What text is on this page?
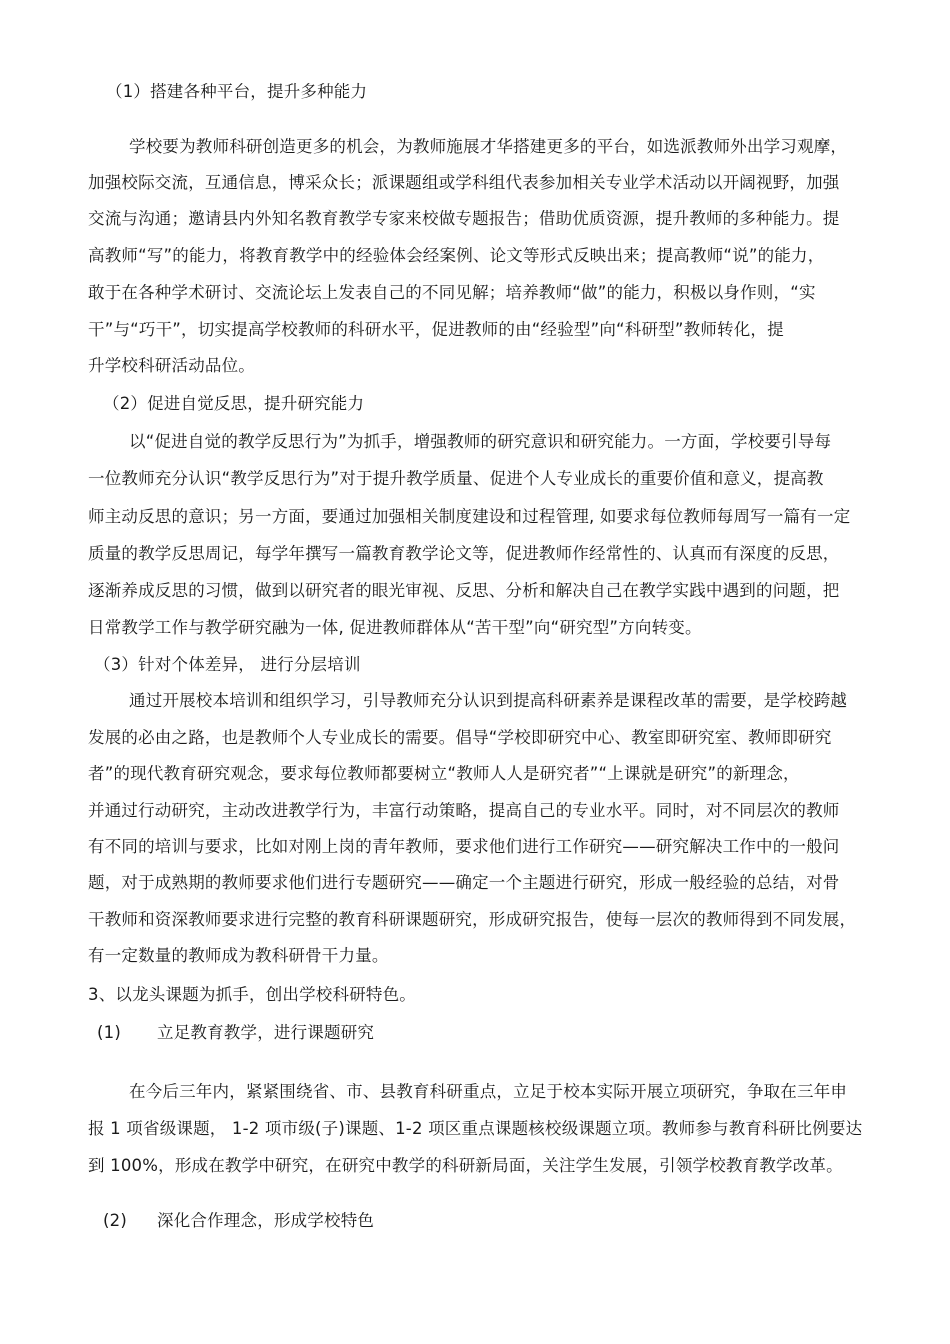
（1）搭建各种平台，提升多种能力
学校要为教师科研创造更多的机会，为教师施展才华搭建更多的平台，如选派教师外出学习观摩，
加强校际交流，互通信息，博采众长；派课题组或学科组代表参加相关专业学术活动以开阔视野，加强
交流与沟通；邀请县内外知名教育教学专家来校做专题报告；借助优质资源，提升教师的多种能力。提
高教师“写”的能力，将教育教学中的经验体会经案例、论文等形式反映出来；提高教师“说”的能力，
敢于在各种学术研讨、交流论坛上发表自己的不同见解；培养教师“做”的能力，积极以身作则，“实
干”与“巧干”，切实提高学校教师的科研水平，促进教师的由“经验型”向“科研型”教师转化，提
升学校科研活动品位。
（2）促进自觉反思，提升研究能力
以“促进自觉的教学反思行为”为抓手，增强教师的研究意识和研究能力。一方面，学校要引导每
一位教师充分认识“教学反思行为”对于提升教学质量、促进个人专业成长的重要价值和意义，提高教
师主动反思的意识；另一方面，要通过加强相关制度建设和过程管理, 如要求每位教师每周写一篇有一定
质量的教学反思周记，每学年撰写一篇教育教学论文等，促进教师作经常性的、认真而有深度的反思，
逐渐养成反思的习惯，做到以研究者的眼光审视、反思、分析和解决自己在教学实践中遇到的问题，把
日常教学工作与教学研究融为一体, 促进教师群体从“苦干型”向“研究型”方向转变。
（3）针对个体差异， 进行分层培训
通过开展校本培训和组织学习，引导教师充分认识到提高科研素养是课程改革的需要，是学校跨越
发展的必由之路，也是教师个人专业成长的需要。倡导“学校即研究中心、教室即研究室、教师即研究
者”的现代教育研究观念，要求每位教师都要树立“教师人人是研究者”“上课就是研究”的新理念，
并通过行动研究，主动改进教学行为，丰富行动策略，提高自己的专业水平。同时，对不同层次的教师
有不同的培训与要求，比如对刚上岗的青年教师，要求他们进行工作研究——研究解决工作中的一般问
题，对于成熟期的教师要求他们进行专题研究——确定一个主题进行研究，形成一般经验的总结，对骨
干教师和资深教师要求进行完整的教育科研课题研究，形成研究报告，使每一层次的教师得到不同发展，
有一定数量的教师成为教科研骨干力量。
3、以龙头课题为抓手，创出学校科研特色。
(1) 立足教育教学，进行课题研究
在今后三年内，紧紧围绕省、市、县教育科研重点，立足于校本实际开展立项研究，争取在三年申
报 1 项省级课题， 1-2 项市级(子)课题、1-2 项区重点课题核校级课题立项。教师参与教育科研比例要达
到 100%，形成在教学中研究，在研究中教学的科研新局面，关注学生发展，引领学校教育教学改革。
(2) 深化合作理念，形成学校特色
